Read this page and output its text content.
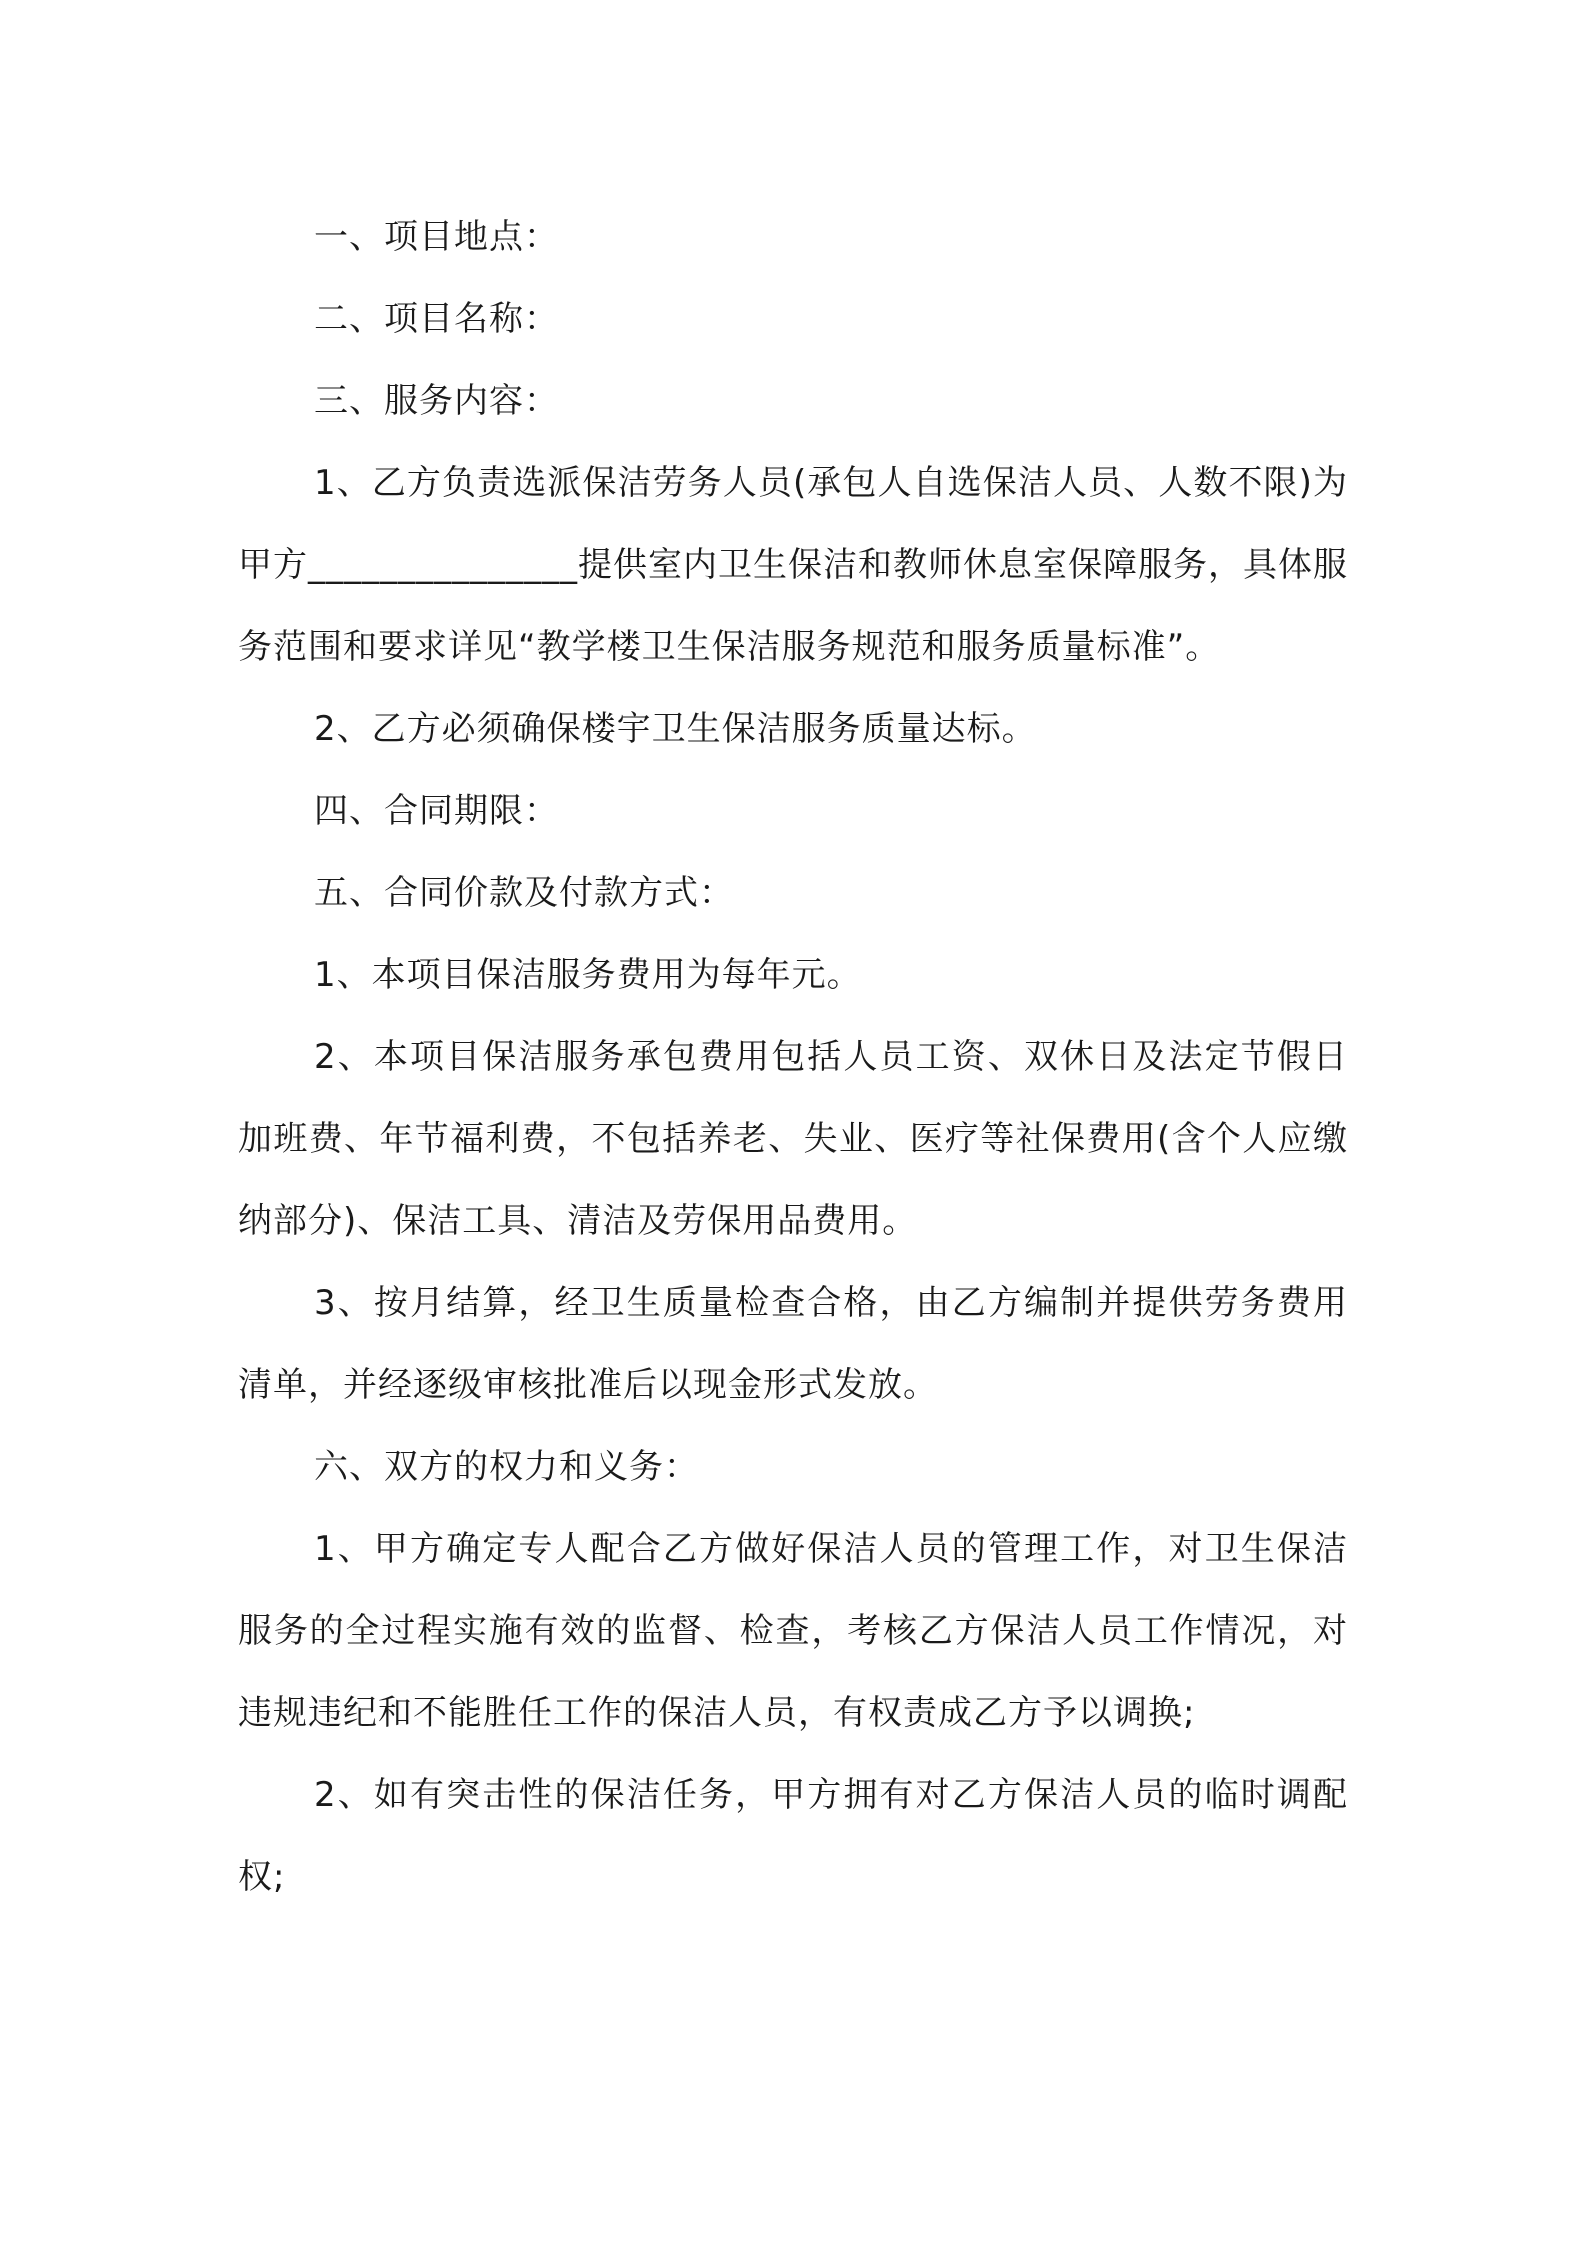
一、项目地点：

二、项目名称：

三、服务内容：

1、乙方负责选派保洁劳务人员(承包人自选保洁人员、人数不限)为甲方_______________提供室内卫生保洁和教师休息室保障服务，具体服务范围和要求详见“教学楼卫生保洁服务规范和服务质量标准”。

2、乙方必须确保楼宇卫生保洁服务质量达标。

四、合同期限：

五、合同价款及付款方式：

1、本项目保洁服务费用为每年元。

2、本项目保洁服务承包费用包括人员工资、双休日及法定节假日加班费、年节福利费，不包括养老、失业、医疗等社保费用(含个人应缴纳部分)、保洁工具、清洁及劳保用品费用。

3、按月结算，经卫生质量检查合格，由乙方编制并提供劳务费用清单，并经逐级审核批准后以现金形式发放。

六、双方的权力和义务：

1、甲方确定专人配合乙方做好保洁人员的管理工作，对卫生保洁服务的全过程实施有效的监督、检查，考核乙方保洁人员工作情况，对违规违纪和不能胜任工作的保洁人员，有权责成乙方予以调换;

2、如有突击性的保洁任务，甲方拥有对乙方保洁人员的临时调配权;
